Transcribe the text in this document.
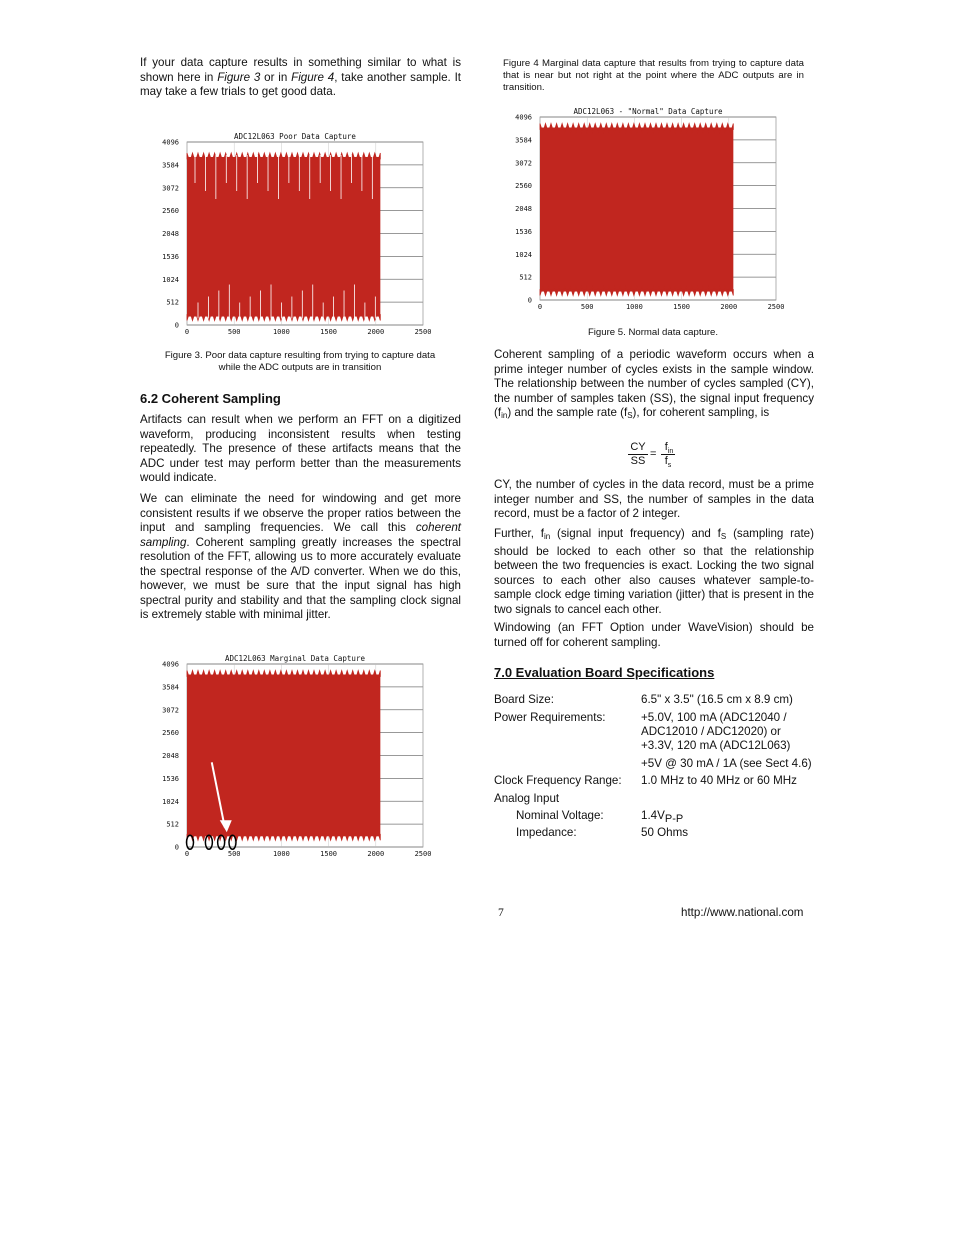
If your data capture results in something similar to what is shown here in Figure 3 or in Figure 4, take another sample. It may take a few trials to get good data.

ADC12L063 Poor Data Capture
0
512
1024
1536
2048
2560
3072
3584
4096
0	500	1000	1500	2000	2500
Figure 3. Poor data capture resulting from trying to capture data while the ADC outputs are in transition
6.2 Coherent Sampling

Artifacts can result when we perform an FFT on a digitized waveform, producing inconsistent results when testing repeatedly. The presence of these artifacts means that the ADC under test may perform better than the measurements would indicate.

We can eliminate the need for windowing and get more consistent results if we observe the proper ratios between the input and sampling frequencies. We call this coherent sampling. Coherent sampling greatly increases the spectral resolution of the FFT, allowing us to more accurately evaluate the spectral response of the A/D converter. When we do this, however, we must be sure that the input signal has high spectral purity and stability and that the sampling clock signal is extremely stable with minimal jitter.

ADC12L063 Marginal Data Capture
0
512
1024
1536
2048
2560
3072
3584
4096
0	500	1000	1500	2000	2500
Figure 4 Marginal data capture that results from trying to capture data that is near but not right at the point where the ADC outputs are in transition.
ADC12L063 - "Normal" Data Capture
0
512
1024
1536
2048
2560
3072
3584
4096
0	500	1000	1500	2000	2500
Figure 5. Normal data capture.

Coherent sampling of a periodic waveform occurs when a prime integer number of cycles exists in the sample window. The relationship between the number of cycles sampled (CY), the number of samples taken (SS), the signal input frequency $(f_{in})$ and the sample rate $(f_S)$, for coherent sampling, is

CY
SS
=
$f_{in}$
$f_s$

CY, the number of cycles in the data record, must be a prime integer number and SS, the number of samples in the data record, must be a factor of 2 integer.

Further, $f_{in}$ (signal input frequency) and $f_S$ (sampling rate) should be locked to each other so that the relationship between the two frequencies is exact. Locking the two signal sources to each other also causes whatever sample-to-sample clock edge timing variation (jitter) that is present in the two signals to cancel each other.

Windowing (an FFT Option under WaveVision) should be turned off for coherent sampling.

7.0 Evaluation Board Specifications
Board Size:	6.5" x 3.5" (16.5 cm x 8.9 cm)
Power Requirements:	+5.0V, 100 mA (ADC12040 / ADC12010 / ADC12020) or +3.3V, 120 mA (ADC12L063)
+5V @ 30 mA / 1A (see Sect 4.6)
Clock Frequency Range: 1.0 MHz to 40 MHz or 60 MHz
Analog Input
Nominal Voltage:	$1.4V_{P-P}$
Impedance:	50 Ohms
7	http://www.national.com
